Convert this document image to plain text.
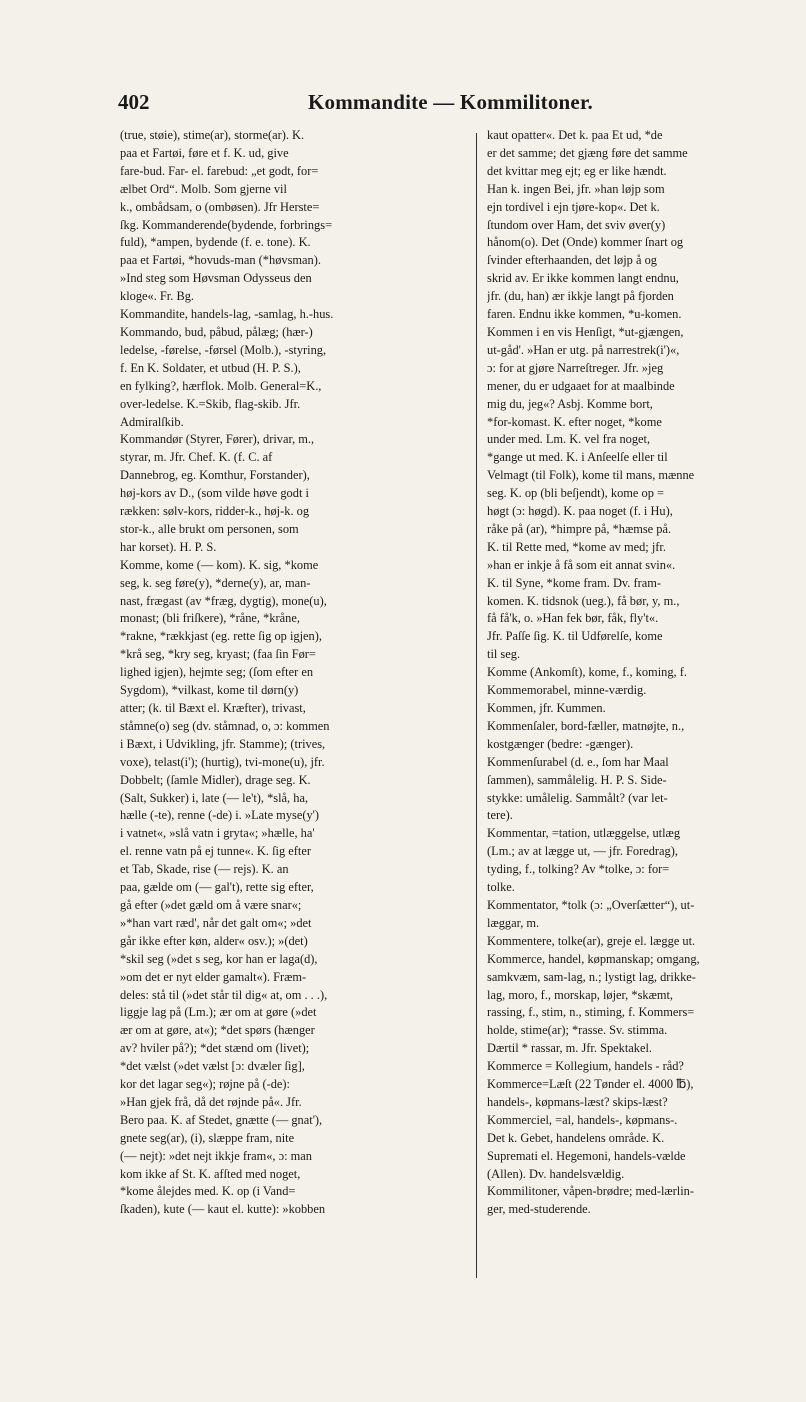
402	Kommandite — Kommilitoner.
(true, støie), stime(ar), storme(ar). K.
paa et Fartøi, føre et f. K. ud, give
fare-bud. Far- el. farebud: „et godt, for=
ælbet Ord“. Molb. Som gjerne vil
k., ombådsam, o (ombøsen). Jfr Herste=
ſkg. Kommanderende(bydende, forbrings=
fuld), *ampen, bydende (f. e. tone). K.
paa et Fartøi, *hovuds-man (*høvsman).
»Ind steg som Høvsman Odysseus den
kloge«. Fr. Bg.
Kommandite, handels-lag, -samlag, h.-hus.
Kommando, bud, påbud, pålæg; (hær-)
ledelse, -førelse, -førsel (Molb.), -styring,
f. En K. Soldater, et utbud (H. P. S.),
en fylking?, hærflok. Molb. General=K.,
over-ledelse. K.=Skib, flag-skib. Jfr.
Admiralſkib.
Kommandør (Styrer, Fører), drivar, m.,
styrar, m. Jfr. Chef. K. (f. C. af
Dannebrog, eg. Komthur, Forstander),
høj-kors av D., (som vilde høve godt i
rækken: sølv-kors, ridder-k., høj-k. og
stor-k., alle brukt om personen, som
har korset). H. P. S.
Komme, kome (— kom). K. sig, *kome
seg, k. seg føre(y), *derne(y), ar, man-
nast, frægast (av *fræg, dygtig), mone(u),
monast; (bli friſkere), *råne, *kråne,
*rakne, *rækkjast (eg. rette ſig op igjen),
*krå seg, *kry seg, kryast; (faa ſin Før=
lighed igjen), hejmte seg; (ſom efter en
Sygdom), *vilkast, kome til dørn(y)
atter; (k. til Bæxt el. Kræfter), trivast,
ståmne(o) seg (dv. ståmnad, o, ɔ: kommen
i Bæxt, i Udvikling, jfr. Stamme); (trives,
voxe), telast(i'); (hurtig), tvi-mone(u), jfr.
Dobbelt; (ſamle Midler), drage seg. K.
(Salt, Sukker) i, late (— le't), *slå, ha,
hælle (-te), renne (-de) i. »Late myse(y')
i vatnet«, »slå vatn i gryta«; »hælle, ha'
el. renne vatn på ej tunne«. K. ſig efter
et Tab, Skade, rise (— rejs). K. an
paa, gælde om (— gal't), rette sig efter,
gå efter (»det gæld om å være snar«;
»*han vart ræd', når det galt om«; »det
går ikke efter køn, alder« osv.); »(det)
*skil seg (»det s seg, kor han er laga(d),
»om det er nyt elder gamalt«). Fræm-
deles: stå til (»det står til dig« at, om . . .),
liggje lag på (Lm.); ær om at gøre (»det
ær om at gøre, at«); *det spørs (hænger
av? hviler på?); *det stænd om (livet);
*det vælst (»det vælst [ɔ: dvæler ſig],
kor det lagar seg«); røjne på (-de):
»Han gjek frå, då det røjnde på«. Jfr.
Bero paa. K. af Stedet, gnætte (— gnat'),
gnete seg(ar), (i), slæppe fram, nite
(— nejt): »det nejt ikkje fram«, ɔ: man
kom ikke af St. K. afſted med noget,
*kome ålejdes med. K. op (i Vand=
ſkaden), kute (— kaut el. kutte): »kobben
kaut opatter«. Det k. paa Et ud, *de
er det samme; det gjæng føre det samme
det kvittar meg ejt; eg er like hændt.
Han k. ingen Bei, jfr. »han løjp som
ejn tordivel i ejn tjøre-kop«. Det k.
ſtundom over Ham, det sviv øver(y)
hånom(o). Det (Onde) kommer ſnart og
ſvinder efterhaanden, det løjp å og
skrid av. Er ikke kommen langt endnu,
jfr. (du, han) ær ikkje langt på fjorden
faren. Endnu ikke kommen, *u-komen.
Kommen i en vis Henſigt, *ut-gjængen,
ut-gåd'. »Han er utg. på narrestrek(i')«,
ɔ: for at gjøre Narreſtreger. Jfr. »jeg
mener, du er udgaaet for at maalbinde
mig du, jeg«? Asbj. Komme bort,
*for-komast. K. efter noget, *kome
under med. Lm. K. vel fra noget,
*gange ut med. K. i Anſeelſe eller til
Velmagt (til Folk), kome til mans, mænne
seg. K. op (bli beſjendt), kome op =
høgt (ɔ: høgd). K. paa noget (f. i Hu),
råke på (ar), *himpre på, *hæmse på.
K. til Rette med, *kome av med; jfr.
»han er inkje å få som eit annat svin«.
K. til Syne, *kome fram. Dv. fram-
komen. K. tidsnok (ueg.), få bør, y, m.,
få få'k, o. »Han fek bør, fåk, fly't«.
Jfr. Paſſe ſig. K. til Udførelſe, kome
til seg.
Komme (Ankomſt), kome, f., koming, f.
Kommemorabel, minne-værdig.
Kommen, jfr. Kummen.
Kommenſaler, bord-fæller, matnøjte, n.,
kostgænger (bedre: -gænger).
Kommenſurabel (d. e., ſom har Maal
ſammen), sammålelig. H. P. S. Side-
stykke: umålelig. Sammålt? (var let-
tere).
Kommentar, =tation, utlæggelse, utlæg
(Lm.; av at lægge ut, — jfr. Foredrag),
tyding, f., tolking? Av *tolke, ɔ: for=
tolke.
Kommentator, *tolk (ɔ: „Overſætter“), ut-
læggar, m.
Kommentere, tolke(ar), greje el. lægge ut.
Kommerce, handel, køpmanskap; omgang,
samkvæm, sam-lag, n.; lystigt lag, drikke-
lag, moro, f., morskap, løjer, *skæmt,
rassing, f., stim, n., stiming, f. Kommers=
holde, stime(ar); *rasse. Sv. stimma.
Dærtil * rassar, m. Jfr. Spektakel.
Kommerce = Kollegium, handels - råd?
Kommerce=Læſt (22 Tønder el. 4000 ℔),
handels-, køpmans-læst? skips-læst?
Kommerciel, =al, handels-, køpmans-.
Det k. Gebet, handelens område. K.
Supremati el. Hegemoni, handels-vælde
(Allen). Dv. handelsvældig.
Kommilitoner, våpen-brødre; med-lærlin-
ger, med-studerende.
